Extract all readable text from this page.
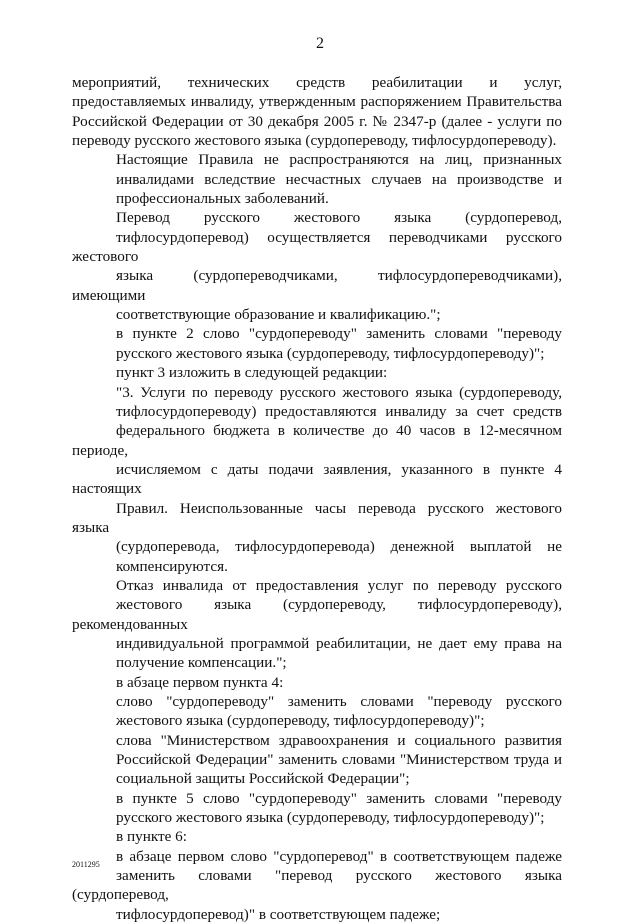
2
мероприятий, технических средств реабилитации и услуг,
предоставляемых инвалиду, утвержденным распоряжением Правительства
Российской Федерации от 30 декабря 2005 г. № 2347-р (далее - услуги по
переводу русского жестового языка (сурдопереводу, тифлосурдопереводу).
Настоящие Правила не распространяются на лиц, признанных
инвалидами вследствие несчастных случаев на производстве и
профессиональных заболеваний.
Перевод русского жестового языка (сурдоперевод,
тифлосурдоперевод) осуществляется переводчиками русского жестового
языка (сурдопереводчиками, тифлосурдопереводчиками), имеющими
соответствующие образование и квалификацию.";
в пункте 2 слово "сурдопереводу" заменить словами "переводу
русского жестового языка (сурдопереводу, тифлосурдопереводу)";
пункт 3 изложить в следующей редакции:
"3. Услуги по переводу русского жестового языка (сурдопереводу,
тифлосурдопереводу) предоставляются инвалиду за счет средств
федерального бюджета в количестве до 40 часов в 12-месячном периоде,
исчисляемом с даты подачи заявления, указанного в пункте 4 настоящих
Правил. Неиспользованные часы перевода русского жестового языка
(сурдоперевода, тифлосурдоперевода) денежной выплатой не
компенсируются.
Отказ инвалида от предоставления услуг по переводу русского
жестового языка (сурдопереводу, тифлосурдопереводу), рекомендованных
индивидуальной программой реабилитации, не дает ему права на
получение компенсации.";
в абзаце первом пункта 4:
слово "сурдопереводу" заменить словами "переводу русского
жестового языка (сурдопереводу, тифлосурдопереводу)";
слова "Министерством здравоохранения и социального развития
Российской Федерации" заменить словами "Министерством труда и
социальной защиты Российской Федерации";
в пункте 5 слово "сурдопереводу" заменить словами "переводу
русского жестового языка (сурдопереводу, тифлосурдопереводу)";
в пункте 6:
в абзаце первом слово "сурдоперевод" в соответствующем падеже
заменить словами "перевод русского жестового языка (сурдоперевод,
тифлосурдоперевод)" в соответствующем падеже;
2011295
